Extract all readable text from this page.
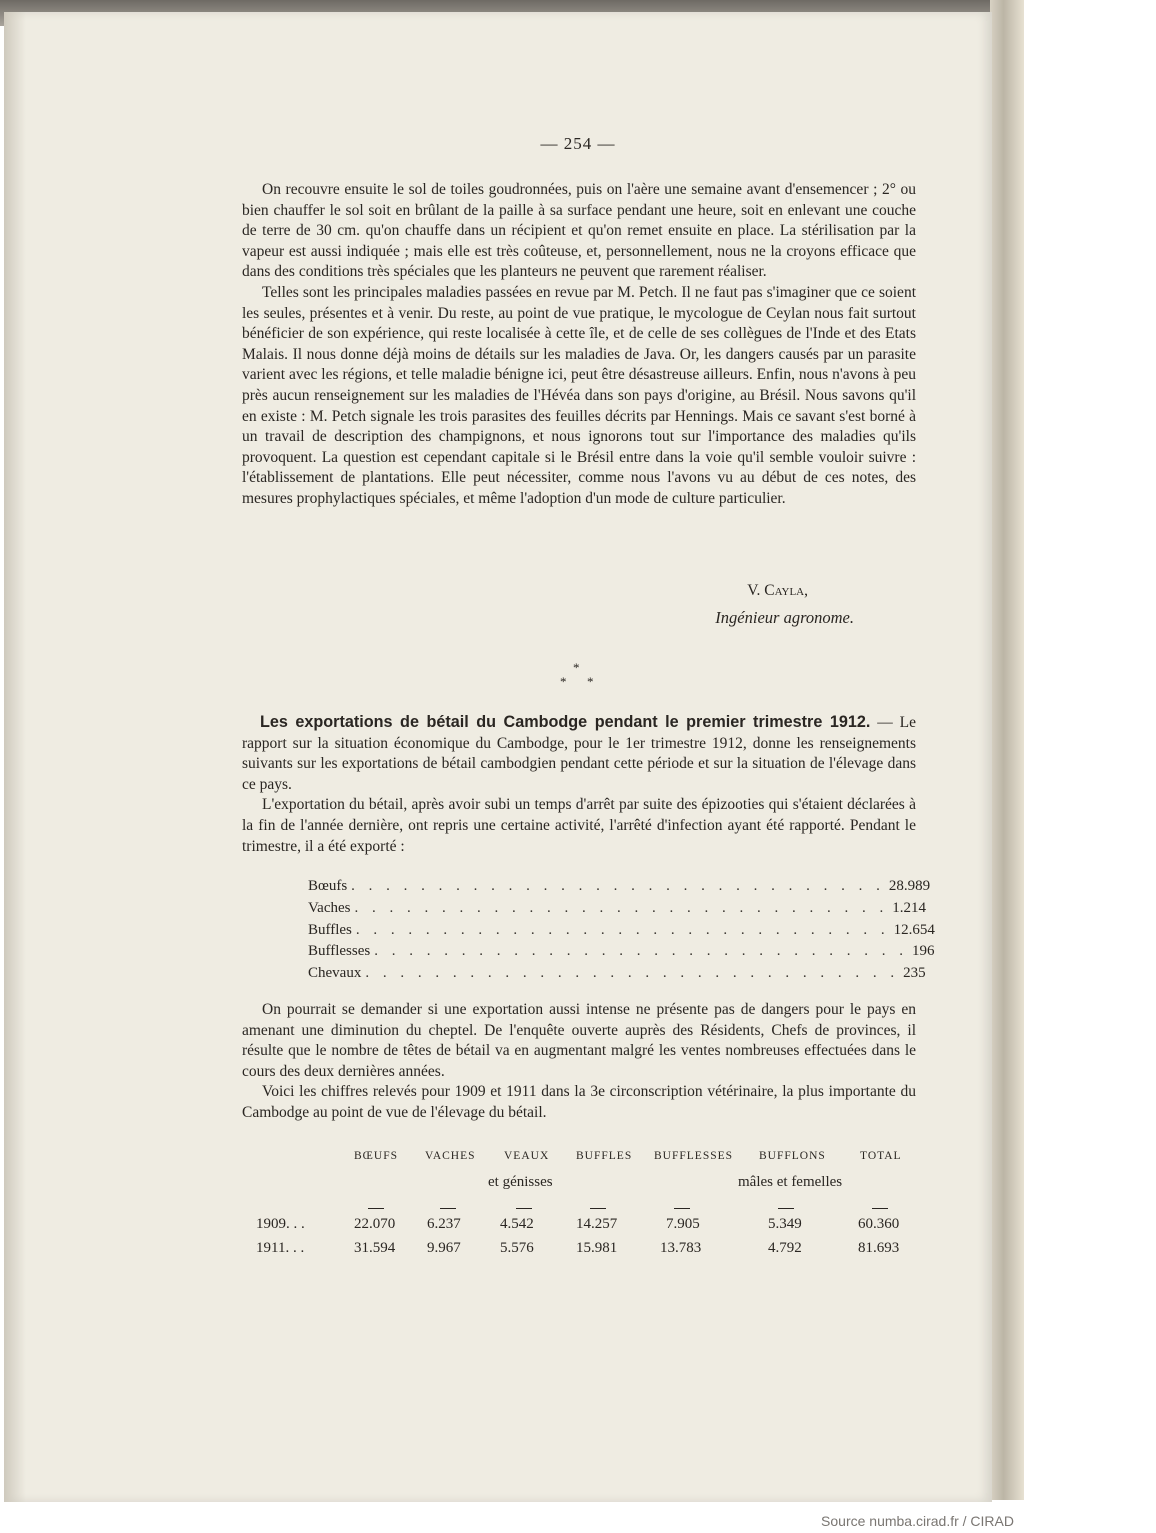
— 254 —

On recouvre ensuite le sol de toiles goudronnées, puis on l'aère une semaine avant d'ensemencer ; 2° ou bien chauffer le sol soit en brûlant de la paille à sa surface pendant une heure, soit en enlevant une couche de terre de 30 cm. qu'on chauffe dans un récipient et qu'on remet ensuite en place. La stérilisation par la vapeur est aussi indiquée ; mais elle est très coûteuse, et, personnellement, nous ne la croyons efficace que dans des conditions très spéciales que les planteurs ne peuvent que rarement réaliser.

Telles sont les principales maladies passées en revue par M. Petch. Il ne faut pas s'imaginer que ce soient les seules, présentes et à venir. Du reste, au point de vue pratique, le mycologue de Ceylan nous fait surtout bénéficier de son expérience, qui reste localisée à cette île, et de celle de ses collègues de l'Inde et des Etats Malais. Il nous donne déjà moins de détails sur les maladies de Java. Or, les dangers causés par un parasite varient avec les régions, et telle maladie bénigne ici, peut être désastreuse ailleurs. Enfin, nous n'avons à peu près aucun renseignement sur les maladies de l'Hévéa dans son pays d'origine, au Brésil. Nous savons qu'il en existe : M. Petch signale les trois parasites des feuilles décrits par Hennings. Mais ce savant s'est borné à un travail de description des champignons, et nous ignorons tout sur l'importance des maladies qu'ils provoquent. La question est cependant capitale si le Brésil entre dans la voie qu'il semble vouloir suivre : l'établissement de plantations. Elle peut nécessiter, comme nous l'avons vu au début de ces notes, des mesures prophylactiques spéciales, et même l'adoption d'un mode de culture particulier.

V. Cayla,
Ingénieur agronome.
*
* *

Les exportations de bétail du Cambodge pendant le premier trimestre 1912. — Le rapport sur la situation économique du Cambodge, pour le 1er trimestre 1912, donne les renseignements suivants sur les exportations de bétail cambodgien pendant cette période et sur la situation de l'élevage dans ce pays.

L'exportation du bétail, après avoir subi un temps d'arrêt par suite des épizooties qui s'étaient déclarées à la fin de l'année dernière, ont repris une certaine activité, l'arrêté d'infection ayant été rapporté. Pendant le trimestre, il a été exporté :

Bœufs . . . . . . . . . . . . . . . . . . . . . . . . . . . . . . . 28.989
Vaches . . . . . . . . . . . . . . . . . . . . . . . . . . . . . . . 1.214
Buffles . . . . . . . . . . . . . . . . . . . . . . . . . . . . . . . 12.654
Bufflesses . . . . . . . . . . . . . . . . . . . . . . . . . . . . . . . 196
Chevaux . . . . . . . . . . . . . . . . . . . . . . . . . . . . . . . 235

On pourrait se demander si une exportation aussi intense ne présente pas de dangers pour le pays en amenant une diminution du cheptel. De l'enquête ouverte auprès des Résidents, Chefs de provinces, il résulte que le nombre de têtes de bétail va en augmentant malgré les ventes nombreuses effectuées dans le cours des deux dernières années.

Voici les chiffres relevés pour 1909 et 1911 dans la 3e circonscription vétérinaire, la plus importante du Cambodge au point de vue de l'élevage du bétail.

BŒUFS VACHES VEAUX BUFFLES BUFFLESSES BUFFLONS	TOTAL
et génisses	mâles et femelles
1909. . .	22.070 6.237	4.542	14.257	7.905	5.349	60.360
1911. . .	31.594 9.967	5.576	15.981	13.783	4.792	81.693
Source numba.cirad.fr / CIRAD
